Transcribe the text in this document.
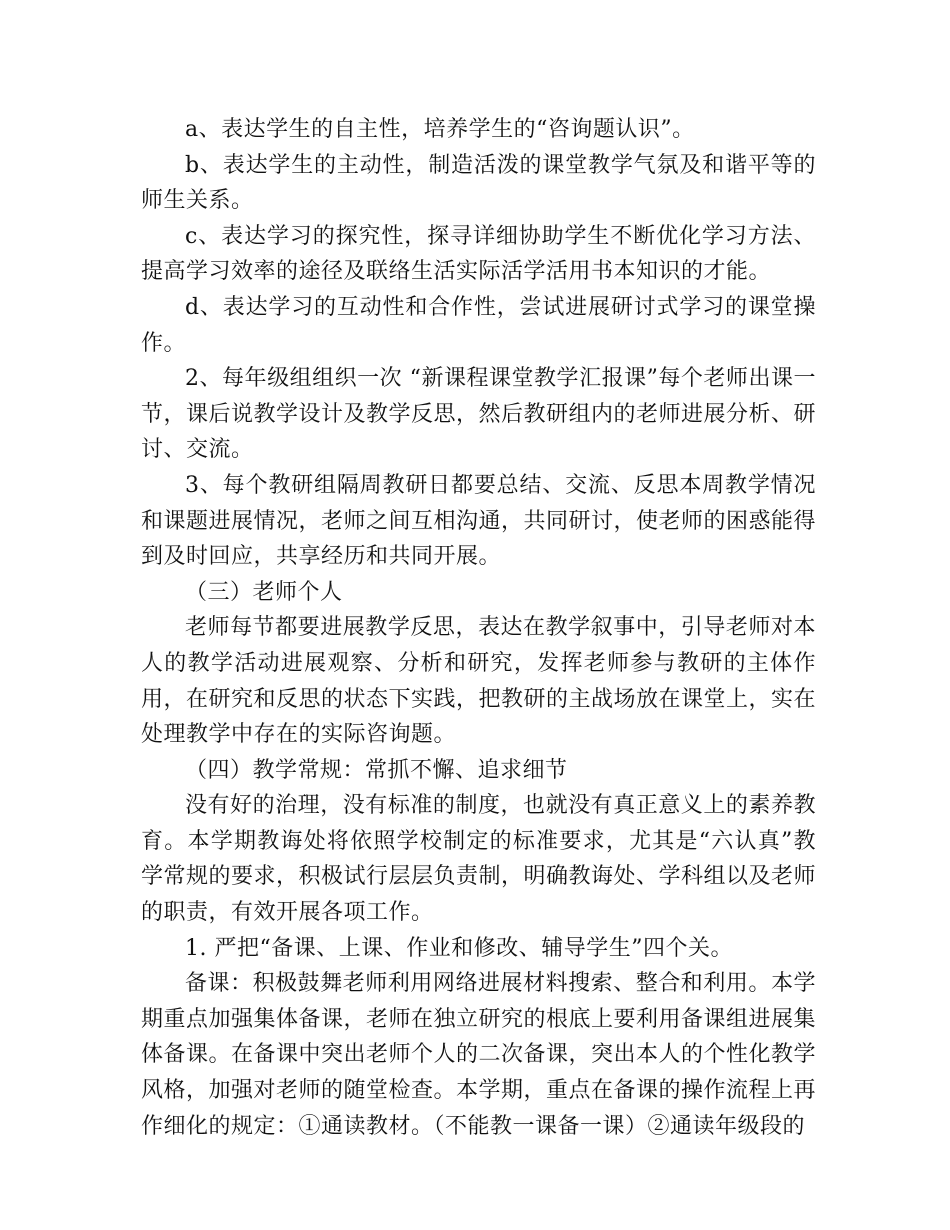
a、表达学生的自主性，培养学生的“咨询题认识”。

b、表达学生的主动性，制造活泼的课堂教学气氛及和谐平等的师生关系。

c、表达学习的探究性，探寻详细协助学生不断优化学习方法、提高学习效率的途径及联络生活实际活学活用书本知识的才能。

d、表达学习的互动性和合作性，尝试进展研讨式学习的课堂操作。

2、每年级组组织一次 “新课程课堂教学汇报课”每个老师出课一节，课后说教学设计及教学反思，然后教研组内的老师进展分析、研讨、交流。

3、每个教研组隔周教研日都要总结、交流、反思本周教学情况和课题进展情况，老师之间互相沟通，共同研讨，使老师的困惑能得到及时回应，共享经历和共同开展。

（三）老师个人

老师每节都要进展教学反思，表达在教学叙事中，引导老师对本人的教学活动进展观察、分析和研究，发挥老师参与教研的主体作用，在研究和反思的状态下实践，把教研的主战场放在课堂上，实在处理教学中存在的实际咨询题。

（四）教学常规：常抓不懈、追求细节

没有好的治理，没有标准的制度，也就没有真正意义上的素养教育。本学期教诲处将依照学校制定的标准要求，尤其是“六认真”教学常规的要求，积极试行层层负责制，明确教诲处、学科组以及老师的职责，有效开展各项工作。

1. 严把“备课、上课、作业和修改、辅导学生”四个关。

备课：积极鼓舞老师利用网络进展材料搜索、整合和利用。本学期重点加强集体备课，老师在独立研究的根底上要利用备课组进展集体备课。在备课中突出老师个人的二次备课，突出本人的个性化教学风格，加强对老师的随堂检查。本学期，重点在备课的操作流程上再作细化的规定：①通读教材。（不能教一课备一课）②通读年级段的
